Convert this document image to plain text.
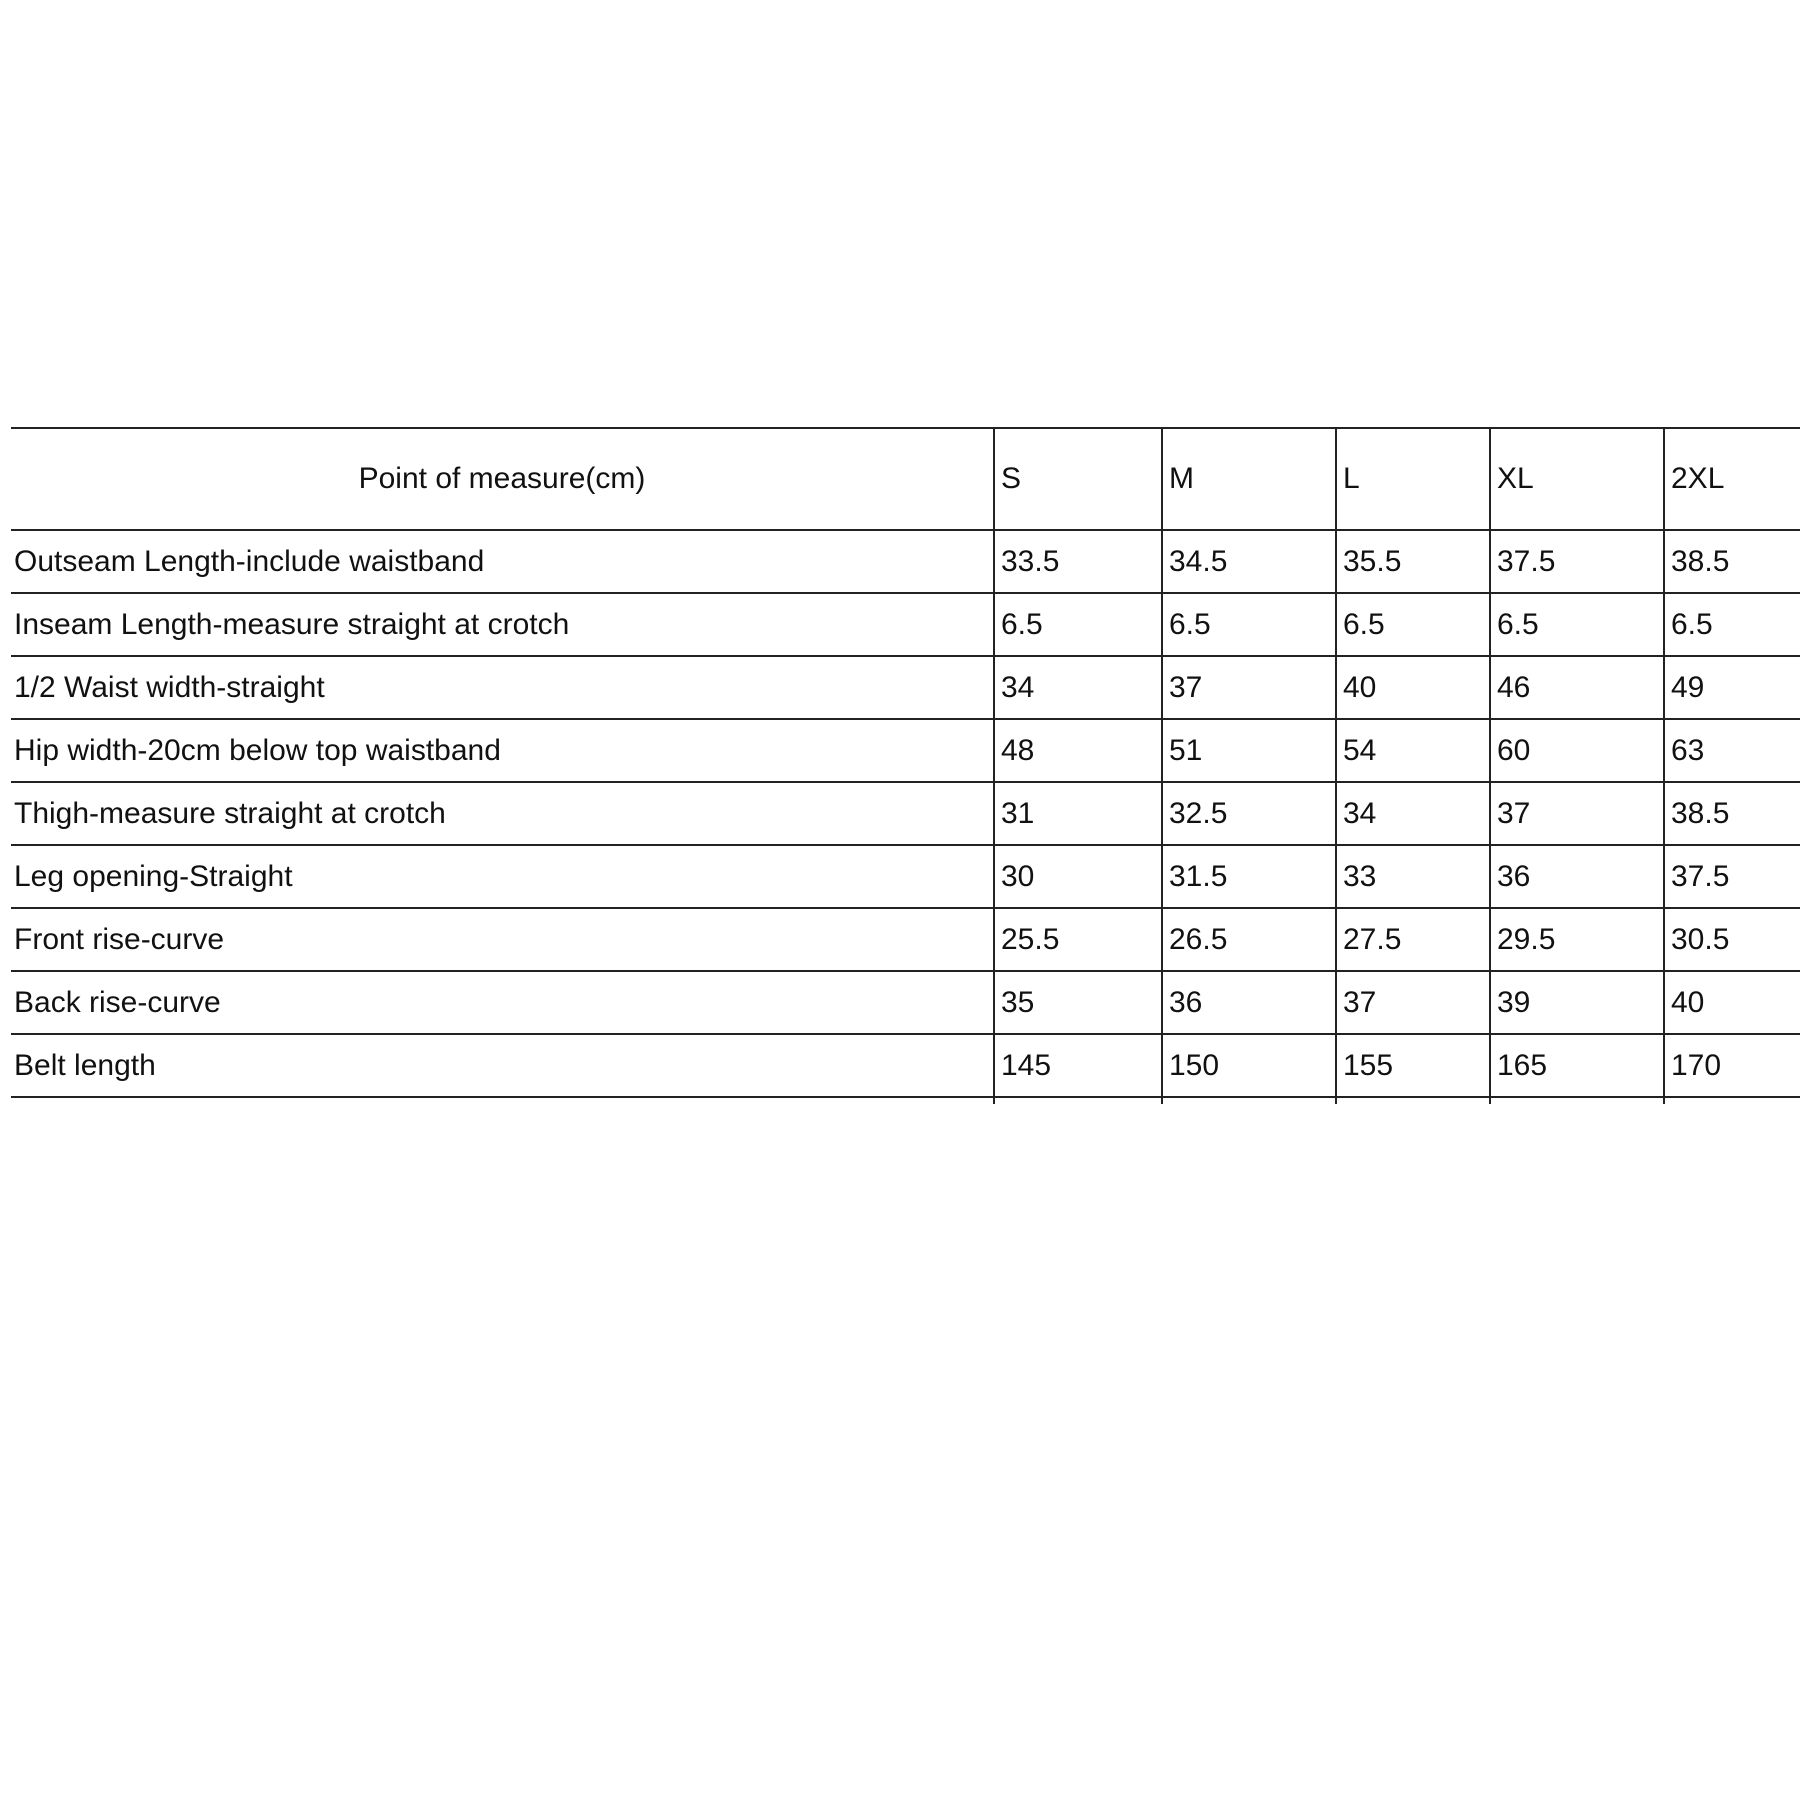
Point of measure(cm)	S	M	L	XL	2XL
Outseam Length-include waistband	33.5	34.5	35.5	37.5	38.5
Inseam Length-measure straight at crotch	6.5	6.5	6.5	6.5	6.5
1/2 Waist width-straight	34	37	40	46	49
Hip width-20cm below top waistband	48	51	54	60	63
Thigh-measure straight at crotch	31	32.5	34	37	38.5
Leg opening-Straight	30	31.5	33	36	37.5
Front rise-curve	25.5	26.5	27.5	29.5	30.5
Back rise-curve	35	36	37	39	40
Belt length	145	150	155	165	170
